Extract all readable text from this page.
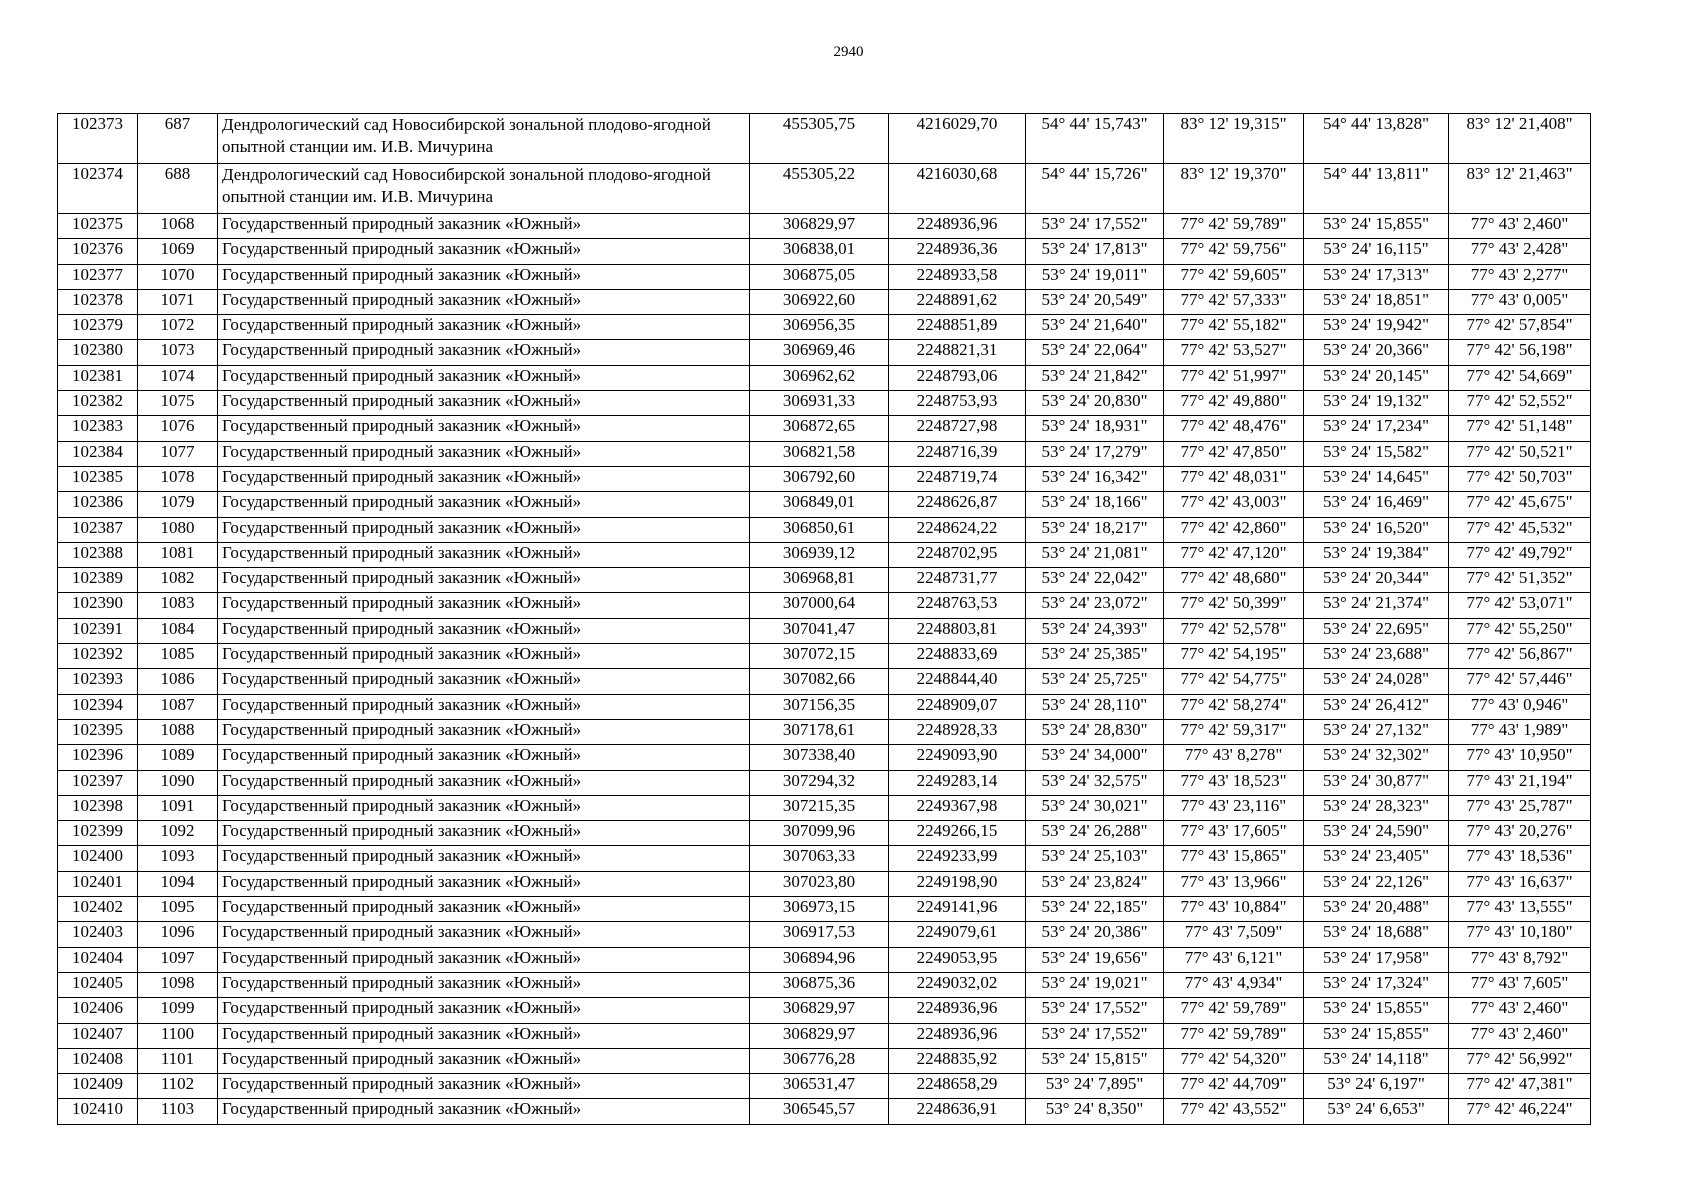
2940
102373	687	Дендрологический сад Новосибирской зональной плодово-ягодной опытной станции им. И.В. Мичурина	455305,75	4216029,70	54° 44' 15,743"	83° 12' 19,315"	54° 44' 13,828"	83° 12' 21,408"
102374	688	Дендрологический сад Новосибирской зональной плодово-ягодной опытной станции им. И.В. Мичурина	455305,22	4216030,68	54° 44' 15,726"	83° 12' 19,370"	54° 44' 13,811"	83° 12' 21,463"
102375	1068	Государственный природный заказник «Южный»	306829,97	2248936,96	53° 24' 17,552"	77° 42' 59,789"	53° 24' 15,855"	77° 43' 2,460"
102376	1069	Государственный природный заказник «Южный»	306838,01	2248936,36	53° 24' 17,813"	77° 42' 59,756"	53° 24' 16,115"	77° 43' 2,428"
102377	1070	Государственный природный заказник «Южный»	306875,05	2248933,58	53° 24' 19,011"	77° 42' 59,605"	53° 24' 17,313"	77° 43' 2,277"
102378	1071	Государственный природный заказник «Южный»	306922,60	2248891,62	53° 24' 20,549"	77° 42' 57,333"	53° 24' 18,851"	77° 43' 0,005"
102379	1072	Государственный природный заказник «Южный»	306956,35	2248851,89	53° 24' 21,640"	77° 42' 55,182"	53° 24' 19,942"	77° 42' 57,854"
102380	1073	Государственный природный заказник «Южный»	306969,46	2248821,31	53° 24' 22,064"	77° 42' 53,527"	53° 24' 20,366"	77° 42' 56,198"
102381	1074	Государственный природный заказник «Южный»	306962,62	2248793,06	53° 24' 21,842"	77° 42' 51,997"	53° 24' 20,145"	77° 42' 54,669"
102382	1075	Государственный природный заказник «Южный»	306931,33	2248753,93	53° 24' 20,830"	77° 42' 49,880"	53° 24' 19,132"	77° 42' 52,552"
102383	1076	Государственный природный заказник «Южный»	306872,65	2248727,98	53° 24' 18,931"	77° 42' 48,476"	53° 24' 17,234"	77° 42' 51,148"
102384	1077	Государственный природный заказник «Южный»	306821,58	2248716,39	53° 24' 17,279"	77° 42' 47,850"	53° 24' 15,582"	77° 42' 50,521"
102385	1078	Государственный природный заказник «Южный»	306792,60	2248719,74	53° 24' 16,342"	77° 42' 48,031"	53° 24' 14,645"	77° 42' 50,703"
102386	1079	Государственный природный заказник «Южный»	306849,01	2248626,87	53° 24' 18,166"	77° 42' 43,003"	53° 24' 16,469"	77° 42' 45,675"
102387	1080	Государственный природный заказник «Южный»	306850,61	2248624,22	53° 24' 18,217"	77° 42' 42,860"	53° 24' 16,520"	77° 42' 45,532"
102388	1081	Государственный природный заказник «Южный»	306939,12	2248702,95	53° 24' 21,081"	77° 42' 47,120"	53° 24' 19,384"	77° 42' 49,792"
102389	1082	Государственный природный заказник «Южный»	306968,81	2248731,77	53° 24' 22,042"	77° 42' 48,680"	53° 24' 20,344"	77° 42' 51,352"
102390	1083	Государственный природный заказник «Южный»	307000,64	2248763,53	53° 24' 23,072"	77° 42' 50,399"	53° 24' 21,374"	77° 42' 53,071"
102391	1084	Государственный природный заказник «Южный»	307041,47	2248803,81	53° 24' 24,393"	77° 42' 52,578"	53° 24' 22,695"	77° 42' 55,250"
102392	1085	Государственный природный заказник «Южный»	307072,15	2248833,69	53° 24' 25,385"	77° 42' 54,195"	53° 24' 23,688"	77° 42' 56,867"
102393	1086	Государственный природный заказник «Южный»	307082,66	2248844,40	53° 24' 25,725"	77° 42' 54,775"	53° 24' 24,028"	77° 42' 57,446"
102394	1087	Государственный природный заказник «Южный»	307156,35	2248909,07	53° 24' 28,110"	77° 42' 58,274"	53° 24' 26,412"	77° 43' 0,946"
102395	1088	Государственный природный заказник «Южный»	307178,61	2248928,33	53° 24' 28,830"	77° 42' 59,317"	53° 24' 27,132"	77° 43' 1,989"
102396	1089	Государственный природный заказник «Южный»	307338,40	2249093,90	53° 24' 34,000"	77° 43' 8,278"	53° 24' 32,302"	77° 43' 10,950"
102397	1090	Государственный природный заказник «Южный»	307294,32	2249283,14	53° 24' 32,575"	77° 43' 18,523"	53° 24' 30,877"	77° 43' 21,194"
102398	1091	Государственный природный заказник «Южный»	307215,35	2249367,98	53° 24' 30,021"	77° 43' 23,116"	53° 24' 28,323"	77° 43' 25,787"
102399	1092	Государственный природный заказник «Южный»	307099,96	2249266,15	53° 24' 26,288"	77° 43' 17,605"	53° 24' 24,590"	77° 43' 20,276"
102400	1093	Государственный природный заказник «Южный»	307063,33	2249233,99	53° 24' 25,103"	77° 43' 15,865"	53° 24' 23,405"	77° 43' 18,536"
102401	1094	Государственный природный заказник «Южный»	307023,80	2249198,90	53° 24' 23,824"	77° 43' 13,966"	53° 24' 22,126"	77° 43' 16,637"
102402	1095	Государственный природный заказник «Южный»	306973,15	2249141,96	53° 24' 22,185"	77° 43' 10,884"	53° 24' 20,488"	77° 43' 13,555"
102403	1096	Государственный природный заказник «Южный»	306917,53	2249079,61	53° 24' 20,386"	77° 43' 7,509"	53° 24' 18,688"	77° 43' 10,180"
102404	1097	Государственный природный заказник «Южный»	306894,96	2249053,95	53° 24' 19,656"	77° 43' 6,121"	53° 24' 17,958"	77° 43' 8,792"
102405	1098	Государственный природный заказник «Южный»	306875,36	2249032,02	53° 24' 19,021"	77° 43' 4,934"	53° 24' 17,324"	77° 43' 7,605"
102406	1099	Государственный природный заказник «Южный»	306829,97	2248936,96	53° 24' 17,552"	77° 42' 59,789"	53° 24' 15,855"	77° 43' 2,460"
102407	1100	Государственный природный заказник «Южный»	306829,97	2248936,96	53° 24' 17,552"	77° 42' 59,789"	53° 24' 15,855"	77° 43' 2,460"
102408	1101	Государственный природный заказник «Южный»	306776,28	2248835,92	53° 24' 15,815"	77° 42' 54,320"	53° 24' 14,118"	77° 42' 56,992"
102409	1102	Государственный природный заказник «Южный»	306531,47	2248658,29	53° 24' 7,895"	77° 42' 44,709"	53° 24' 6,197"	77° 42' 47,381"
102410	1103	Государственный природный заказник «Южный»	306545,57	2248636,91	53° 24' 8,350"	77° 42' 43,552"	53° 24' 6,653"	77° 42' 46,224"
